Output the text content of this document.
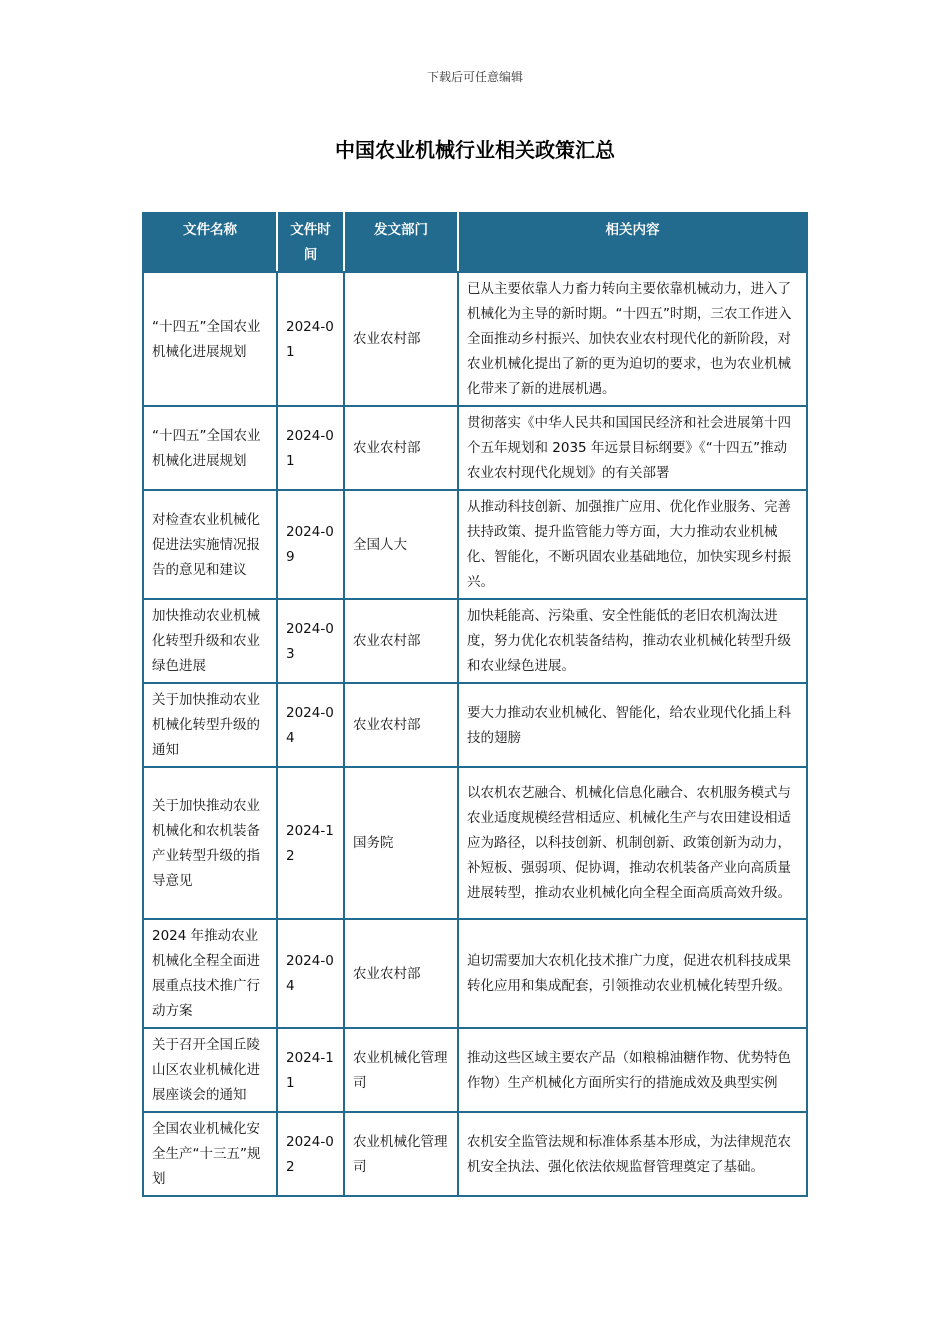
下载后可任意编辑
中国农业机械行业相关政策汇总
文件名称	文件时间	发文部门	相关内容
“十四五”全国农业机械化进展规划	2024-01	农业农村部	已从主要依靠人力畜力转向主要依靠机械动力，进入了机械化为主导的新时期。“十四五”时期，三农工作进入全面推动乡村振兴、加快农业农村现代化的新阶段，对农业机械化提出了新的更为迫切的要求，也为农业机械化带来了新的进展机遇。
“十四五”全国农业机械化进展规划	2024-01	农业农村部	贯彻落实《中华人民共和国国民经济和社会进展第十四个五年规划和 2035 年远景目标纲要》《“十四五”推动农业农村现代化规划》的有关部署
对检查农业机械化促进法实施情况报告的意见和建议	2024-09	全国人大	从推动科技创新、加强推广应用、优化作业服务、完善扶持政策、提升监管能力等方面，大力推动农业机械化、智能化，不断巩固农业基础地位，加快实现乡村振兴。
加快推动农业机械化转型升级和农业绿色进展	2024-03	农业农村部	加快耗能高、污染重、安全性能低的老旧农机淘汰进度，努力优化农机装备结构，推动农业机械化转型升级和农业绿色进展。
关于加快推动农业机械化转型升级的通知	2024-04	农业农村部	要大力推动农业机械化、智能化，给农业现代化插上科技的翅膀
关于加快推动农业机械化和农机装备产业转型升级的指导意见	2024-12	国务院	以农机农艺融合、机械化信息化融合、农机服务模式与农业适度规模经营相适应、机械化生产与农田建设相适应为路径，以科技创新、机制创新、政策创新为动力，补短板、强弱项、促协调，推动农机装备产业向高质量进展转型，推动农业机械化向全程全面高质高效升级。
2024 年推动农业机械化全程全面进展重点技术推广行动方案	2024-04	农业农村部	迫切需要加大农机化技术推广力度，促进农机科技成果转化应用和集成配套，引领推动农业机械化转型升级。
关于召开全国丘陵山区农业机械化进展座谈会的通知	2024-11	农业机械化管理司	推动这些区域主要农产品（如粮棉油糖作物、优势特色作物）生产机械化方面所实行的措施成效及典型实例
全国农业机械化安全生产“十三五”规划	2024-02	农业机械化管理司	农机安全监管法规和标准体系基本形成，为法律规范农机安全执法、强化依法依规监督管理奠定了基础。
